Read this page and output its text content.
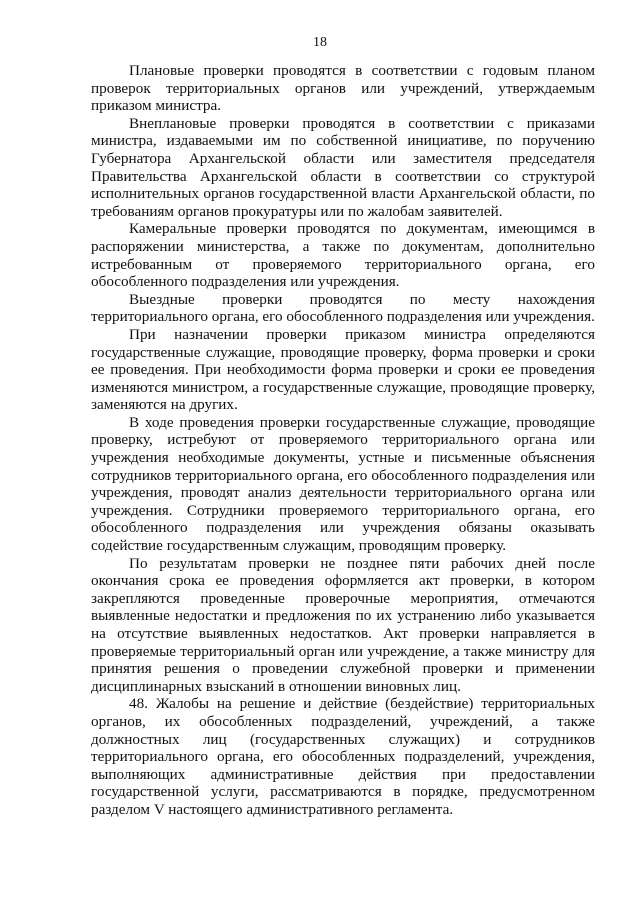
18

Плановые проверки проводятся в соответствии с годовым планом проверок территориальных органов или учреждений, утверждаемым приказом министра.

Внеплановые проверки проводятся в соответствии с приказами министра, издаваемыми им по собственной инициативе, по поручению Губернатора Архангельской области или заместителя председателя Правительства Архангельской области в соответствии со структурой исполнительных органов государственной власти Архангельской области, по требованиям органов прокуратуры или по жалобам заявителей.

Камеральные проверки проводятся по документам, имеющимся в распоряжении министерства, а также по документам, дополнительно истребованным от проверяемого территориального органа, его обособленного подразделения или учреждения.

Выездные проверки проводятся по месту нахождения территориального органа, его обособленного подразделения или учреждения.

При назначении проверки приказом министра определяются государственные служащие, проводящие проверку, форма проверки и сроки ее проведения. При необходимости форма проверки и сроки ее проведения изменяются министром, а государственные служащие, проводящие проверку, заменяются на других.

В ходе проведения проверки государственные служащие, проводящие проверку, истребуют от проверяемого территориального органа или учреждения необходимые документы, устные и письменные объяснения сотрудников территориального органа, его обособленного подразделения или учреждения, проводят анализ деятельности территориального органа или учреждения. Сотрудники проверяемого территориального органа, его обособленного подразделения или учреждения обязаны оказывать содействие государственным служащим, проводящим проверку.

По результатам проверки не позднее пяти рабочих дней после окончания срока ее проведения оформляется акт проверки, в котором закрепляются проведенные проверочные мероприятия, отмечаются выявленные недостатки и предложения по их устранению либо указывается на отсутствие выявленных недостатков. Акт проверки направляется в проверяемые территориальный орган или учреждение, а также министру для принятия решения о проведении служебной проверки и применении дисциплинарных взысканий в отношении виновных лиц.

48. Жалобы на решение и действие (бездействие) территориальных органов, их обособленных подразделений, учреждений, а также должностных лиц (государственных служащих) и сотрудников территориального органа, его обособленных подразделений, учреждения, выполняющих административные действия при предоставлении государственной услуги, рассматриваются в порядке, предусмотренном разделом V настоящего административного регламента.
